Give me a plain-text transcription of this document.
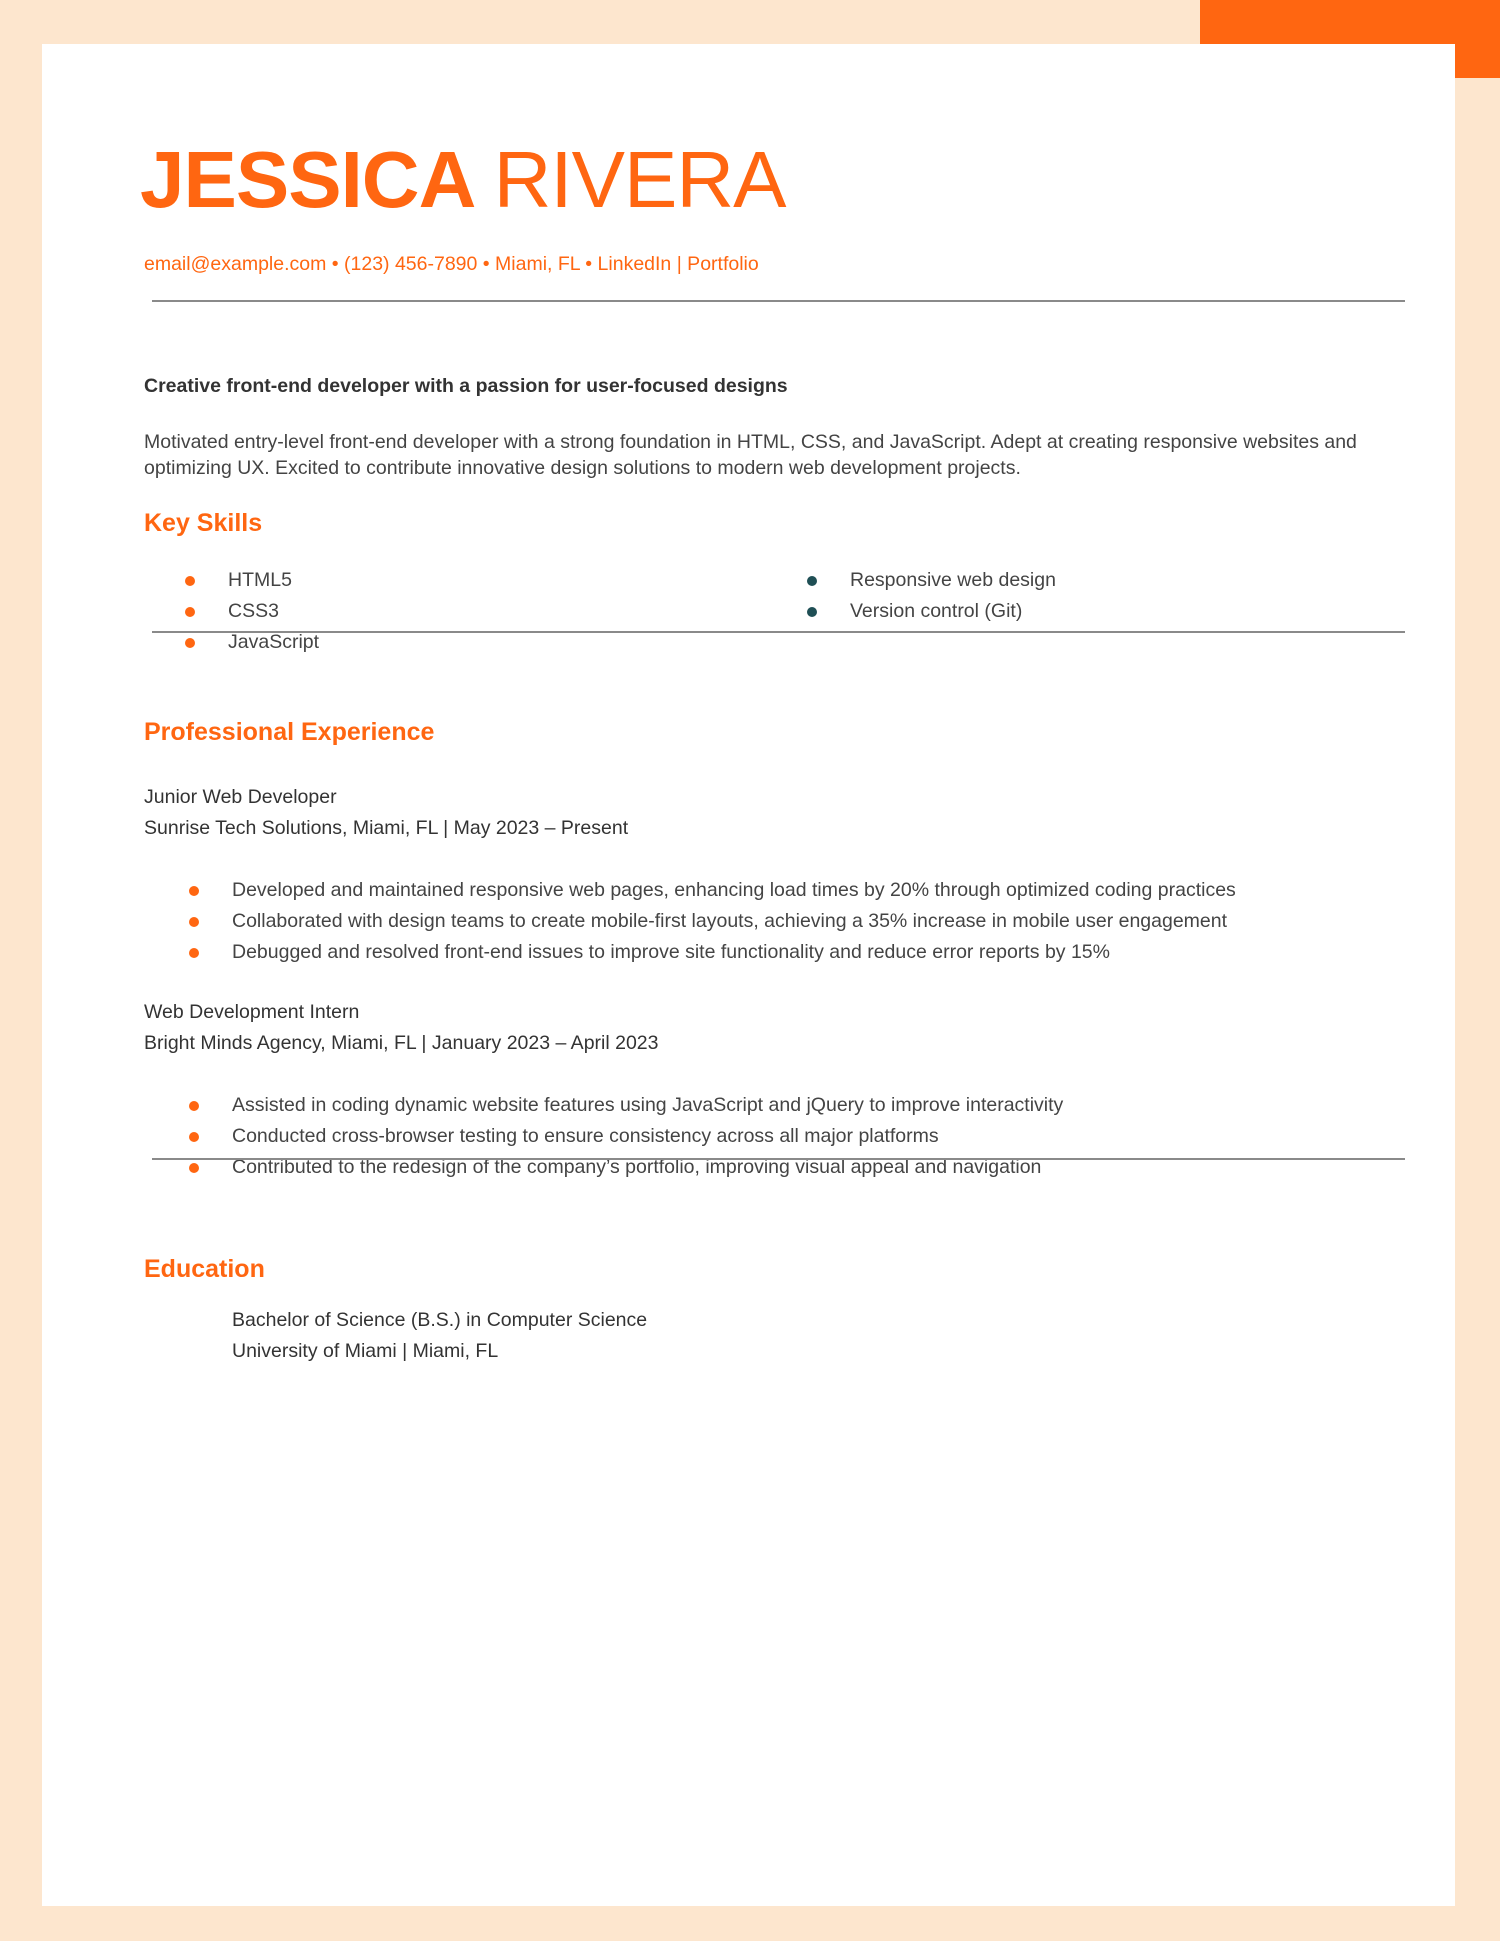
JESSICA RIVERA
email@example.com • (123) 456-7890 • Miami, FL • LinkedIn | Portfolio
Creative front-end developer with a passion for user-focused designs

Motivated entry-level front-end developer with a strong foundation in HTML, CSS, and JavaScript. Adept at creating responsive websites and optimizing UX. Excited to contribute innovative design solutions to modern web development projects.

Key Skills
HTML5
CSS3
JavaScript
Responsive web design
Version control (Git)
Professional Experience
Junior Web Developer
Sunrise Tech Solutions, Miami, FL | May 2023 – Present
Developed and maintained responsive web pages, enhancing load times by 20% through optimized coding practices
Collaborated with design teams to create mobile-first layouts, achieving a 35% increase in mobile user engagement
Debugged and resolved front-end issues to improve site functionality and reduce error reports by 15%
Web Development Intern
Bright Minds Agency, Miami, FL | January 2023 – April 2023
Assisted in coding dynamic website features using JavaScript and jQuery to improve interactivity
Conducted cross-browser testing to ensure consistency across all major platforms
Contributed to the redesign of the company’s portfolio, improving visual appeal and navigation
Education
Bachelor of Science (B.S.) in Computer Science
University of Miami | Miami, FL
